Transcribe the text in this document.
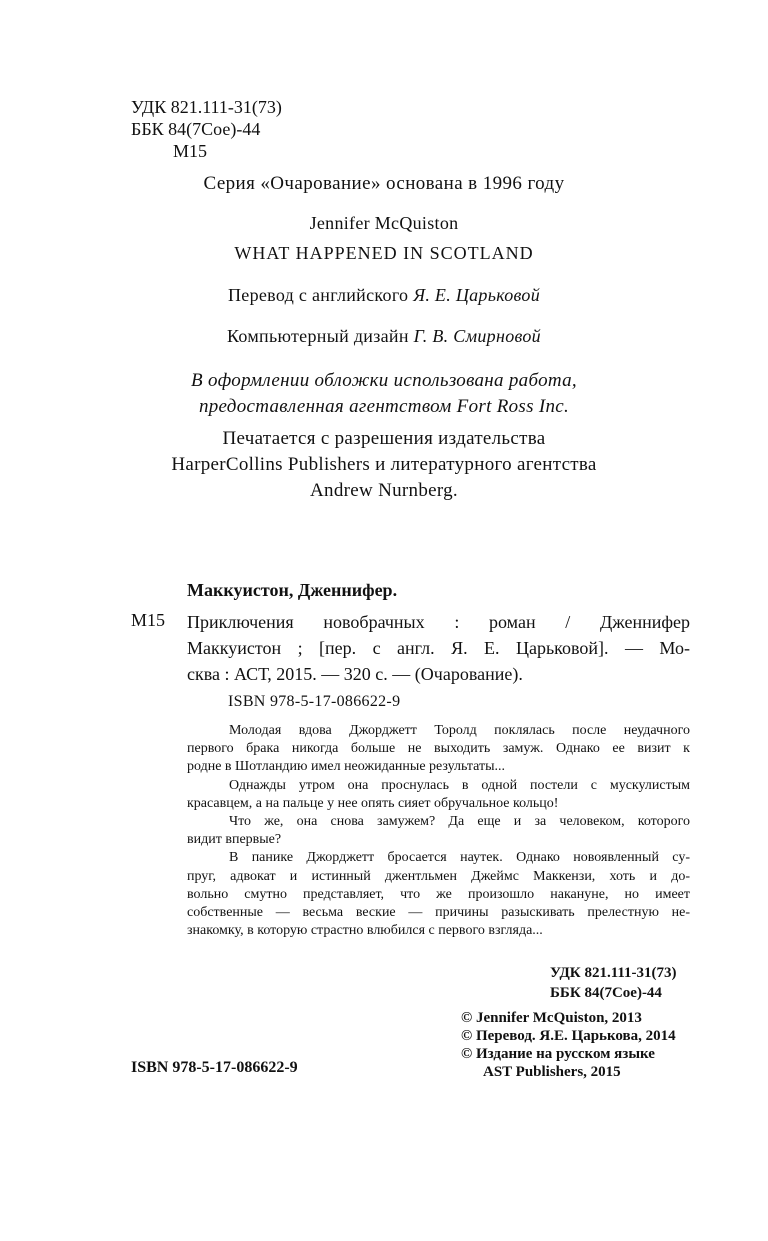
УДК 821.111-31(73)
ББК 84(7Сое)-44
М15
Серия «Очарование» основана в 1996 году
Jennifer McQuiston
WHAT HAPPENED IN SCOTLAND
Перевод с английского Я. Е. Царьковой
Компьютерный дизайн Г. В. Смирновой
В оформлении обложки использована работа,
предоставленная агентством Fort Ross Inc.
Печатается с разрешения издательства
HarperCollins Publishers и литературного агентства
Andrew Nurnberg.
Маккуистон, Дженнифер.
М15 Приключения новобрачных : роман / Дженнифер
Маккуистон ; [пер. с англ. Я. Е. Царьковой]. — Мо-
сква : АСТ, 2015. — 320 с. — (Очарование).
ISBN 978-5-17-086622-9

Молодая вдова Джорджетт Торолд поклялась после неудачного
первого брака никогда больше не выходить замуж. Однако ее визит к
родне в Шотландию имел неожиданные результаты...

Однажды утром она проснулась в одной постели с мускулистым
красавцем, а на пальце у нее опять сияет обручальное кольцо!

Что же, она снова замужем? Да еще и за человеком, которого
видит впервые?

В панике Джорджетт бросается наутек. Однако новоявленный су-
пруг, адвокат и истинный джентльмен Джеймс Маккензи, хоть и до-
вольно смутно представляет, что же произошло накануне, но имеет
собственные — весьма веские — причины разыскивать прелестную не-
знакомку, в которую страстно влюбился с первого взгляда...

УДК 821.111-31(73)
ББК 84(7Сое)-44
© Jennifer McQuiston, 2013
© Перевод. Я.Е. Царькова, 2014
© Издание на русском языке
AST Publishers, 2015
ISBN 978-5-17-086622-9
